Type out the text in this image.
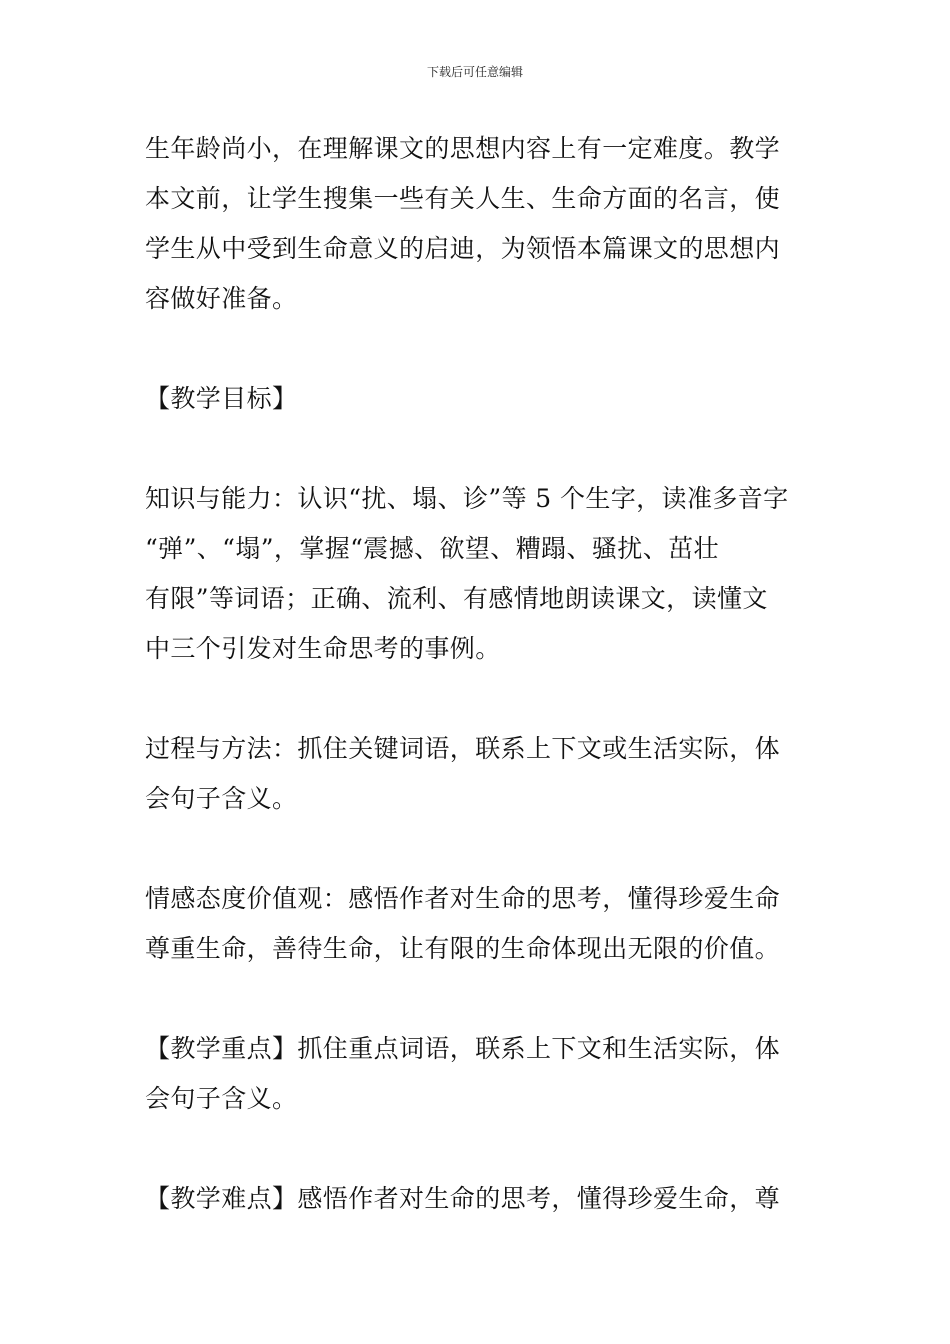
下载后可任意编辑
生年龄尚小，在理解课文的思想内容上有一定难度。教学
本文前，让学生搜集一些有关人生、生命方面的名言，使
学生从中受到生命意义的启迪，为领悟本篇课文的思想内
容做好准备。
【教学目标】
知识与能力：认识“扰、塌、诊”等 5 个生字，读准多音字
“弹”、“塌”，掌握“震撼、欲望、糟蹋、骚扰、茁壮
有限”等词语；正确、流利、有感情地朗读课文，读懂文
中三个引发对生命思考的事例。
过程与方法：抓住关键词语，联系上下文或生活实际，体
会句子含义。
情感态度价值观：感悟作者对生命的思考，懂得珍爱生命
尊重生命，善待生命，让有限的生命体现出无限的价值。
【教学重点】抓住重点词语，联系上下文和生活实际，体
会句子含义。
【教学难点】感悟作者对生命的思考，懂得珍爱生命，尊
